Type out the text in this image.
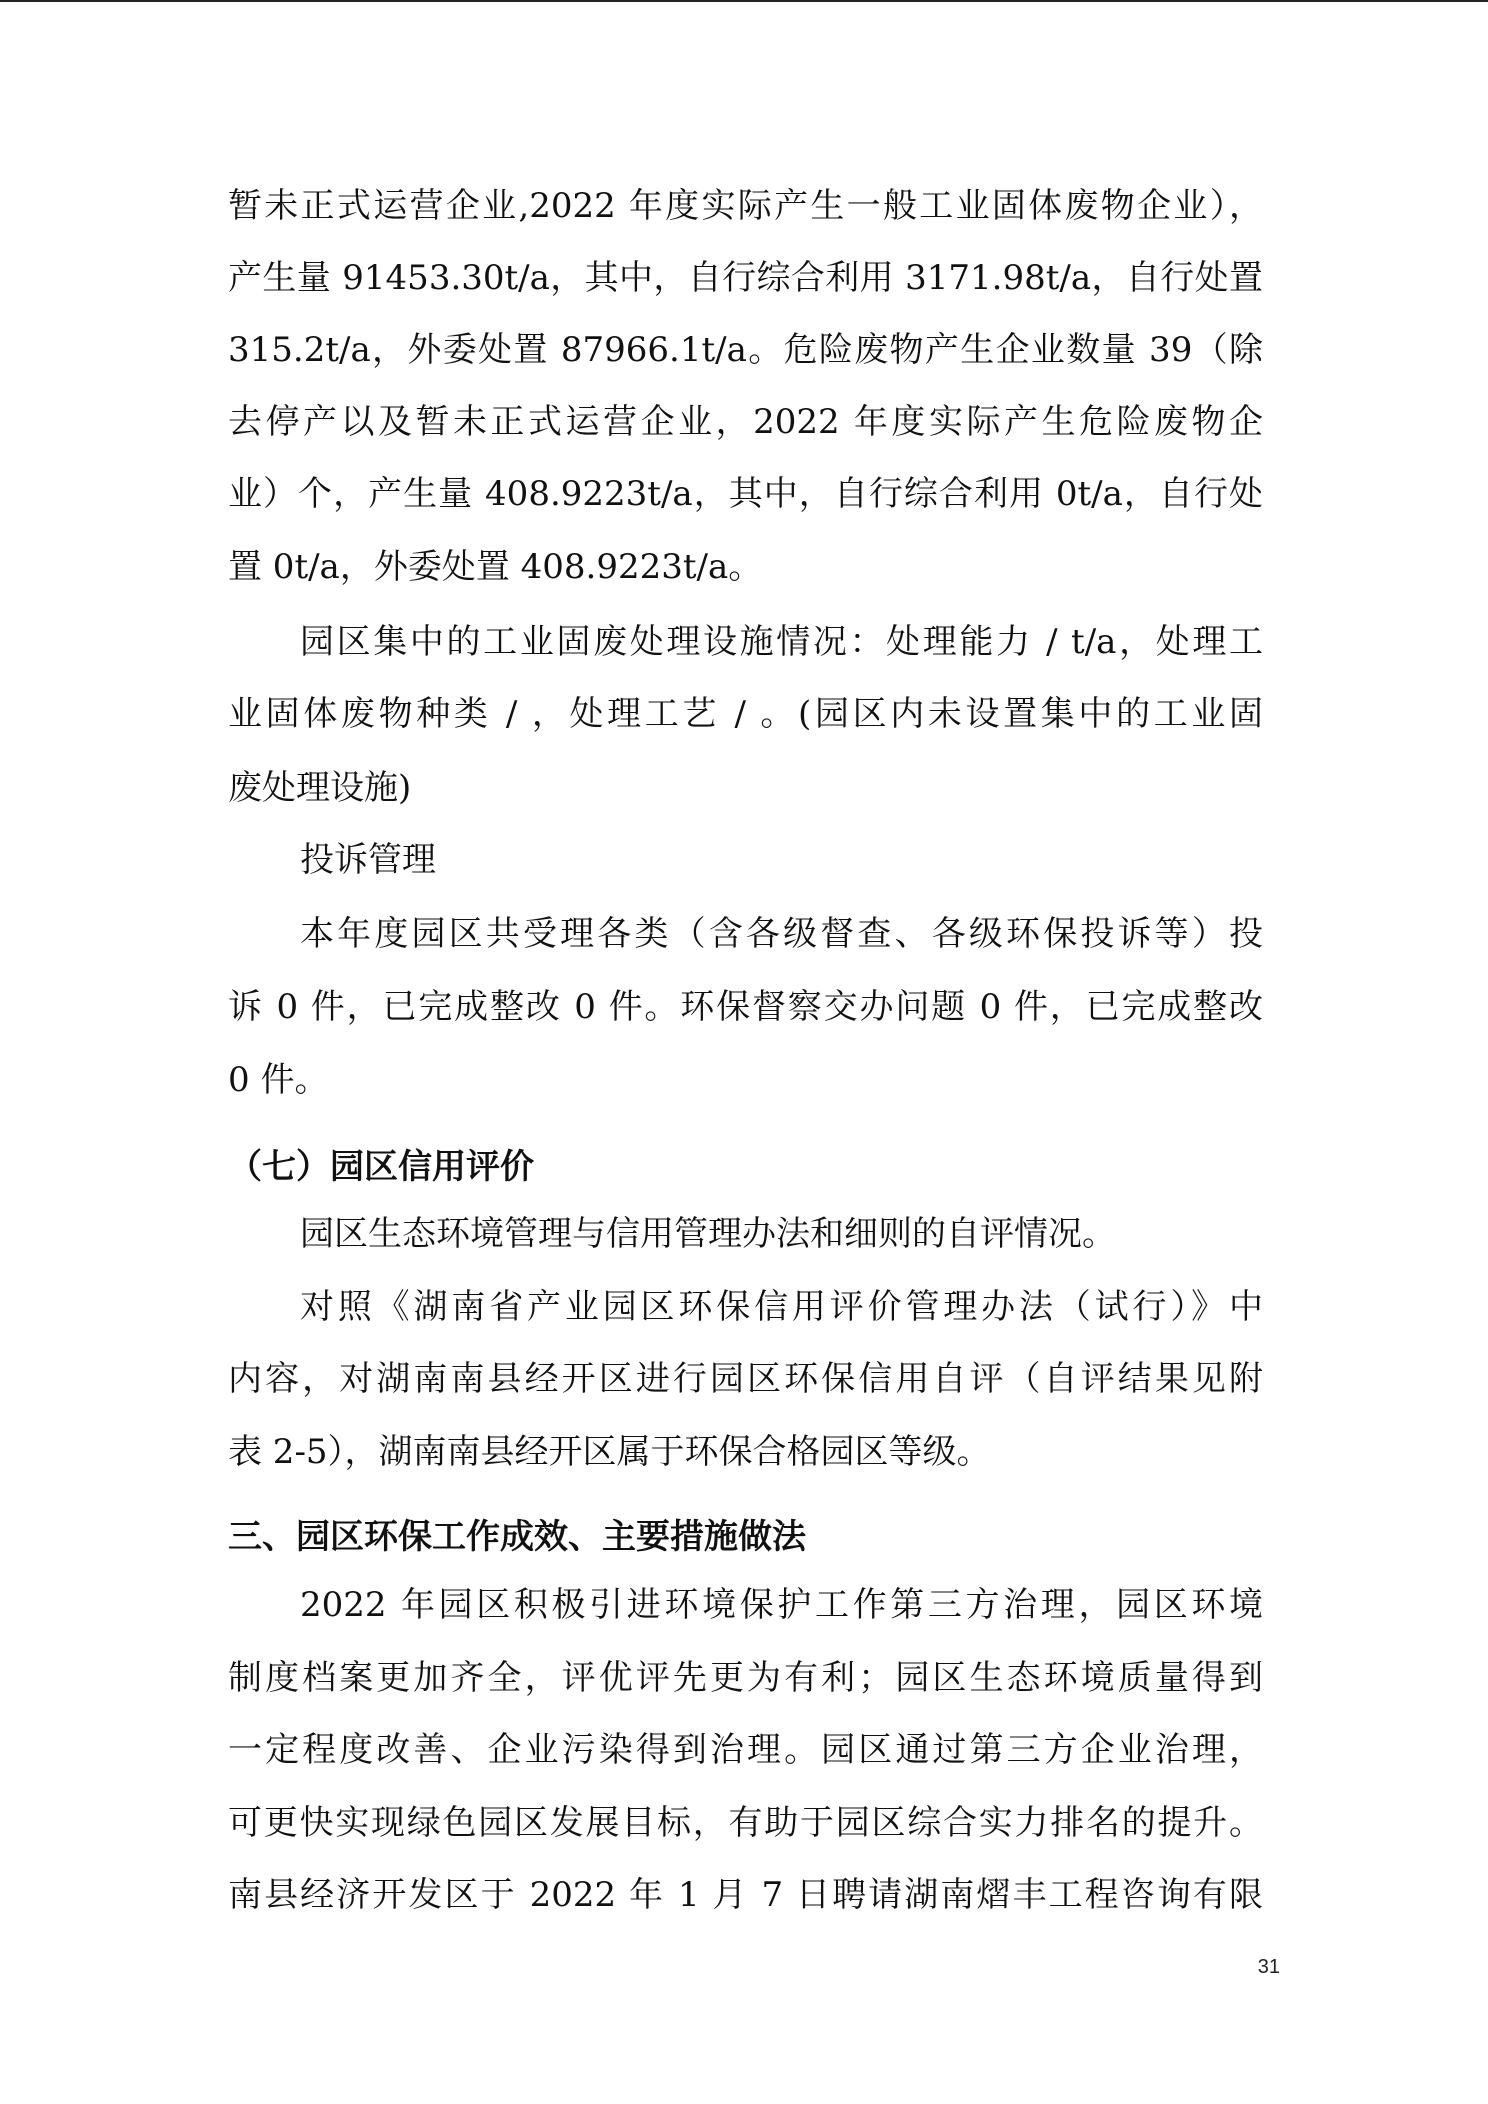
暂未正式运营企业,2022 年度实际产生一般工业固体废物企业），
产生量 91453.30t/a，其中，自行综合利用 3171.98t/a，自行处置
315.2t/a，外委处置 87966.1t/a。危险废物产生企业数量 39（除
去停产以及暂未正式运营企业，2022 年度实际产生危险废物企
业）个，产生量 408.9223t/a，其中，自行综合利用 0t/a，自行处
置 0t/a，外委处置 408.9223t/a。
园区集中的工业固废处理设施情况：处理能力 / t/a，处理工
业固体废物种类 / ，处理工艺 / 。(园区内未设置集中的工业固
废处理设施)
投诉管理
本年度园区共受理各类（含各级督查、各级环保投诉等）投
诉 0 件，已完成整改 0 件。环保督察交办问题 0 件，已完成整改
0 件。
（七）园区信用评价
园区生态环境管理与信用管理办法和细则的自评情况。
对照《湖南省产业园区环保信用评价管理办法（试行）》中
内容，对湖南南县经开区进行园区环保信用自评（自评结果见附
表 2-5），湖南南县经开区属于环保合格园区等级。
三、园区环保工作成效、主要措施做法
2022 年园区积极引进环境保护工作第三方治理，园区环境
制度档案更加齐全，评优评先更为有利；园区生态环境质量得到
一定程度改善、企业污染得到治理。园区通过第三方企业治理，
可更快实现绿色园区发展目标，有助于园区综合实力排名的提升。
南县经济开发区于 2022 年 1 月 7 日聘请湖南熠丰工程咨询有限
31
